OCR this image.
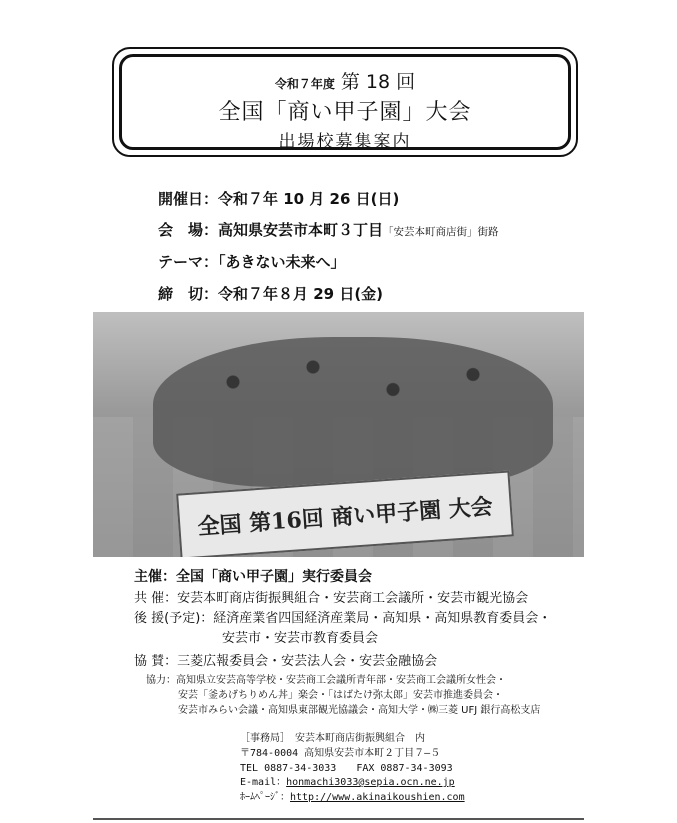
令和７年度 第 18 回
全国「商い甲子園」大会
出場校募集案内
開催日：令和７年 10 月 26 日(日)
会　場：高知県安芸市本町３丁目「安芸本町商店街」街路
テーマ：「あきない未来へ」
締　切：令和７年８月 29 日(金)
全国 第16回 商い甲子園 大会
主催：全国「商い甲子園」実行委員会
共 催：安芸本町商店街振興組合・安芸商工会議所・安芸市観光協会
後 援(予定)：経済産業省四国経済産業局・高知県・高知県教育委員会・
安芸市・安芸市教育委員会
協 賛：三菱広報委員会・安芸法人会・安芸金融協会
協力：高知県立安芸高等学校・安芸商工会議所青年部・安芸商工会議所女性会・
安芸「釜あげちりめん丼」楽会・「はばたけ弥太郎」安芸市推進委員会・
安芸市みらい会議・高知県東部観光協議会・高知大学・㈱三菱 UFJ 銀行高松支店
［事務局］　安芸本町商店街振興組合　内
〒784-0004 高知県安芸市本町２丁目７―５
TEL 0887-34-3033　　FAX 0887-34-3093
E-mail：honmachi3033@sepia.ocn.ne.jp
ﾎｰﾑﾍﾟｰｼﾞ：http://www.akinaikoushien.com
